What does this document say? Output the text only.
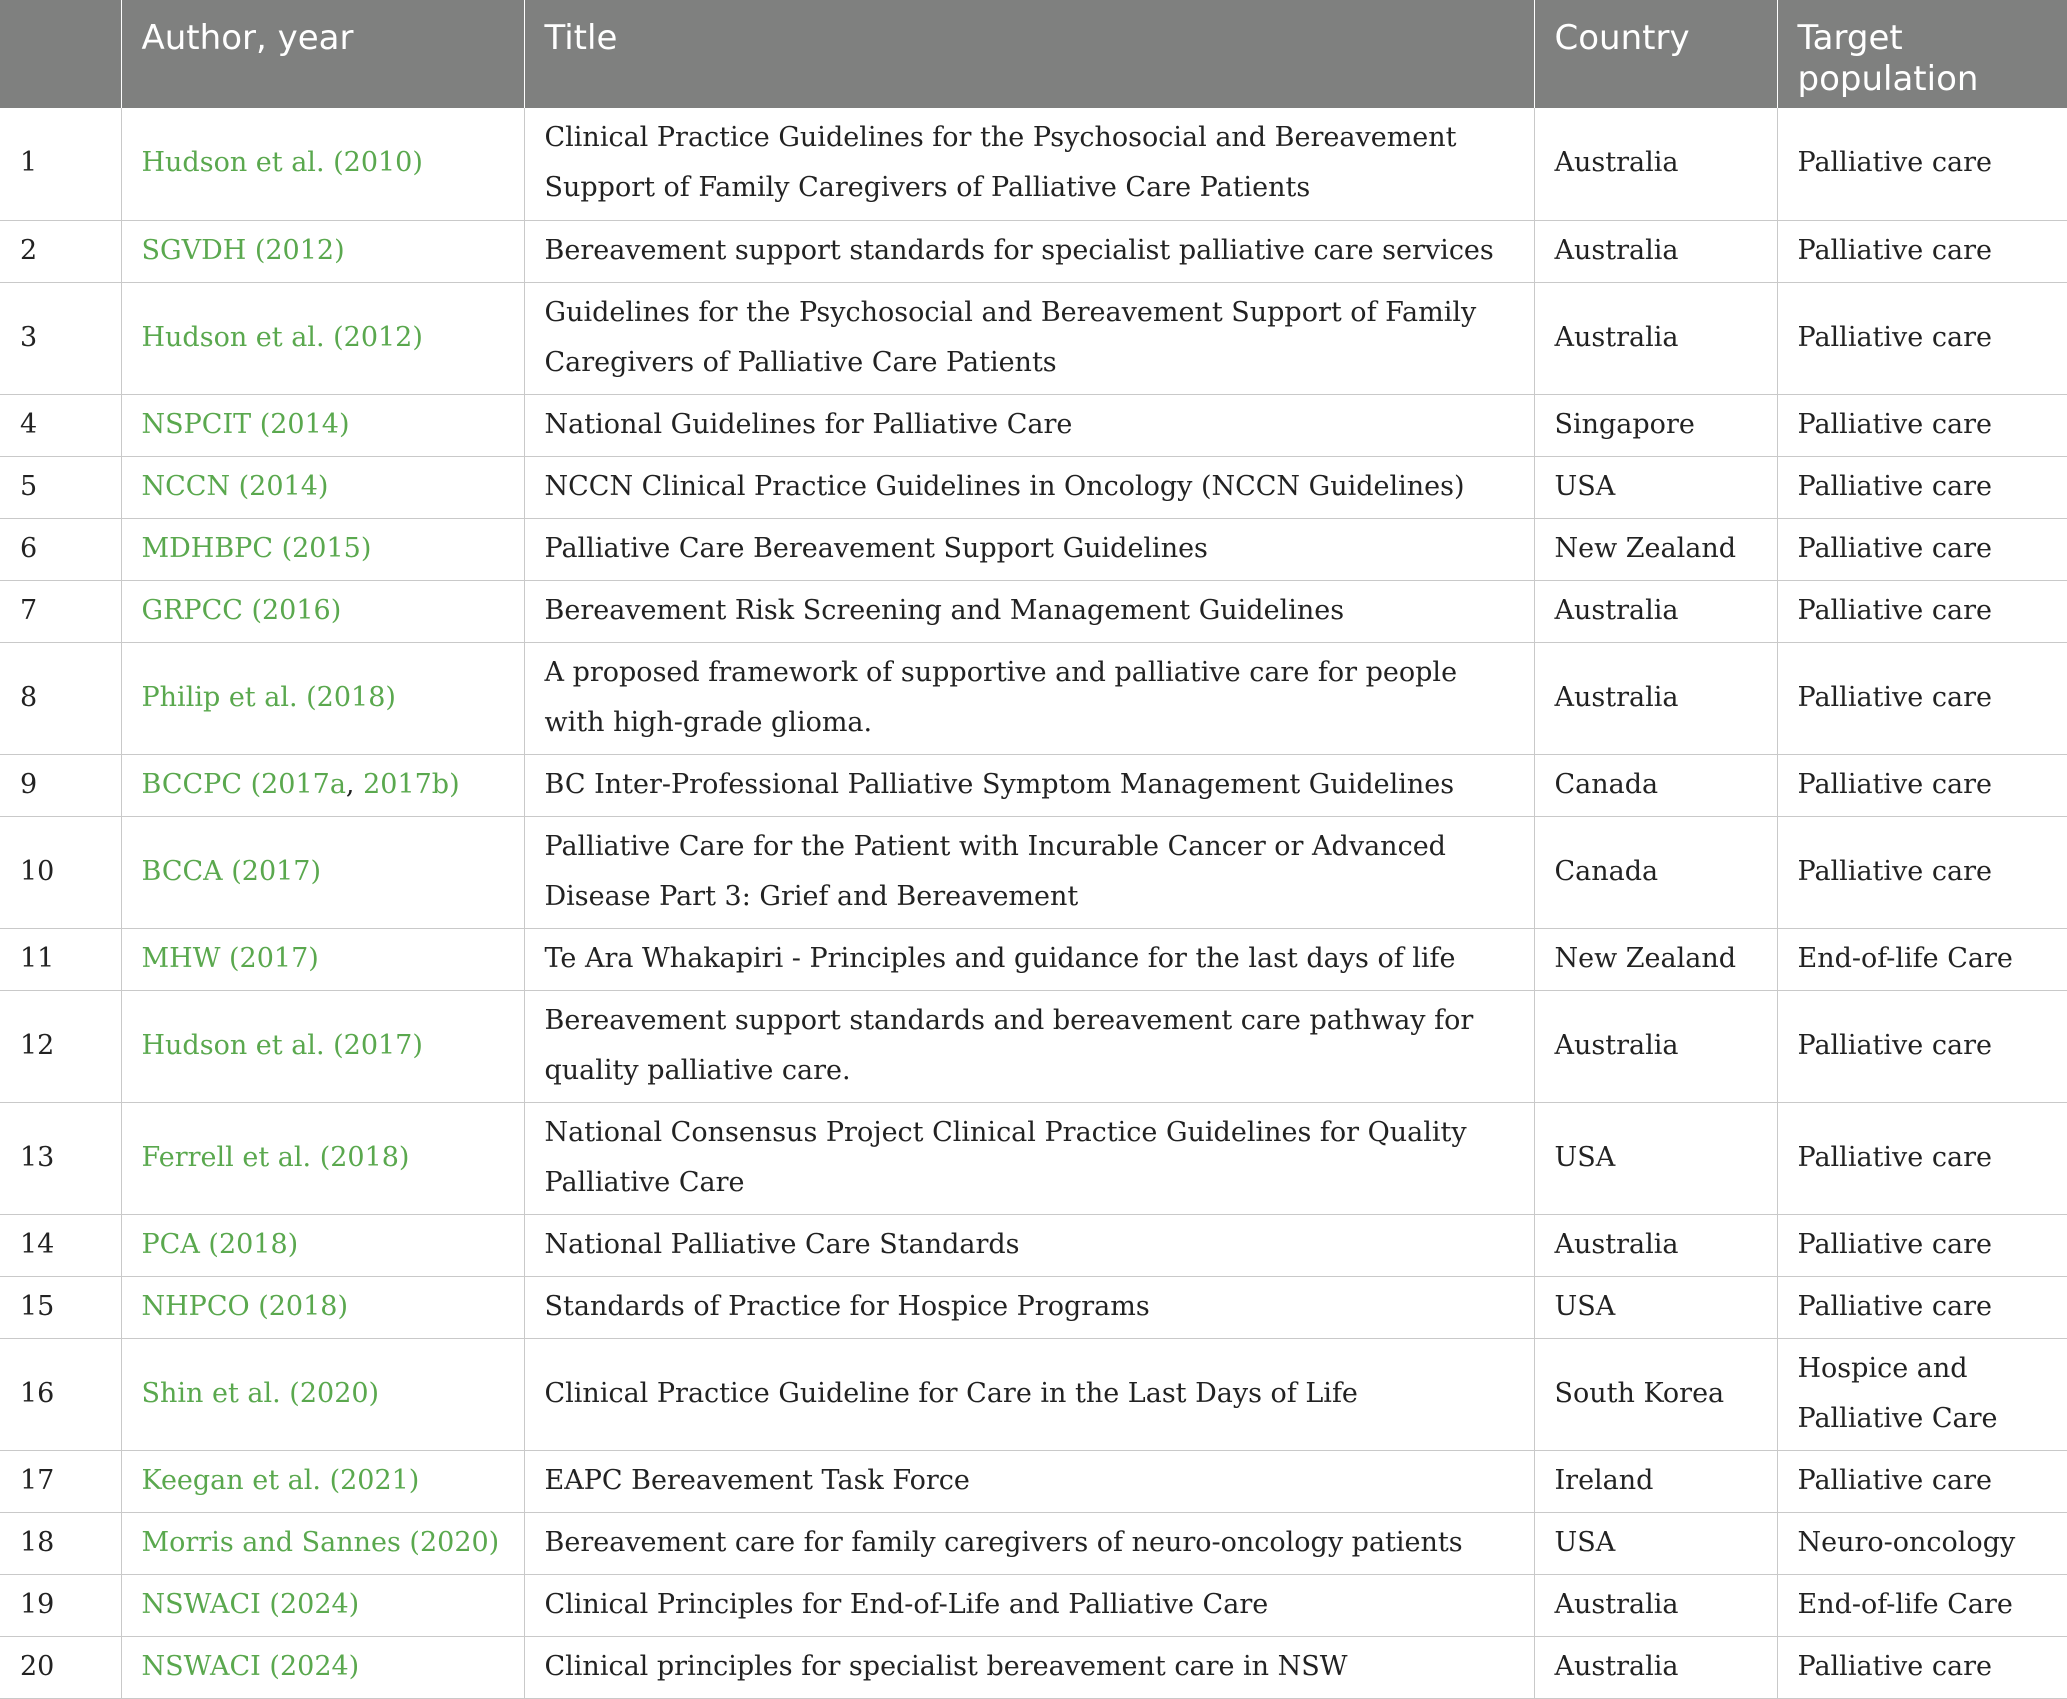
	Author, year	Title	Country	Target population
1	Hudson et al. (2010)	Clinical Practice Guidelines for the Psychosocial and Bereavement Support of Family Caregivers of Palliative Care Patients	Australia	Palliative care
2	SGVDH (2012)	Bereavement support standards for specialist palliative care services	Australia	Palliative care
3	Hudson et al. (2012)	Guidelines for the Psychosocial and Bereavement Support of Family Caregivers of Palliative Care Patients	Australia	Palliative care
4	NSPCIT (2014)	National Guidelines for Palliative Care	Singapore	Palliative care
5	NCCN (2014)	NCCN Clinical Practice Guidelines in Oncology (NCCN Guidelines)	USA	Palliative care
6	MDHBPC (2015)	Palliative Care Bereavement Support Guidelines	New Zealand	Palliative care
7	GRPCC (2016)	Bereavement Risk Screening and Management Guidelines	Australia	Palliative care
8	Philip et al. (2018)	A proposed framework of supportive and palliative care for people with high-grade glioma.	Australia	Palliative care
9	BCCPC (2017a, 2017b)	BC Inter-Professional Palliative Symptom Management Guidelines	Canada	Palliative care
10	BCCA (2017)	Palliative Care for the Patient with Incurable Cancer or Advanced Disease Part 3: Grief and Bereavement	Canada	Palliative care
11	MHW (2017)	Te Ara Whakapiri - Principles and guidance for the last days of life	New Zealand	End-of-life Care
12	Hudson et al. (2017)	Bereavement support standards and bereavement care pathway for quality palliative care.	Australia	Palliative care
13	Ferrell et al. (2018)	National Consensus Project Clinical Practice Guidelines for Quality Palliative Care	USA	Palliative care
14	PCA (2018)	National Palliative Care Standards	Australia	Palliative care
15	NHPCO (2018)	Standards of Practice for Hospice Programs	USA	Palliative care
16	Shin et al. (2020)	Clinical Practice Guideline for Care in the Last Days of Life	South Korea	Hospice and Palliative Care
17	Keegan et al. (2021)	EAPC Bereavement Task Force	Ireland	Palliative care
18	Morris and Sannes (2020)	Bereavement care for family caregivers of neuro-oncology patients	USA	Neuro-oncology
19	NSWACI (2024)	Clinical Principles for End-of-Life and Palliative Care	Australia	End-of-life Care
20	NSWACI (2024)	Clinical principles for specialist bereavement care in NSW	Australia	Palliative care
